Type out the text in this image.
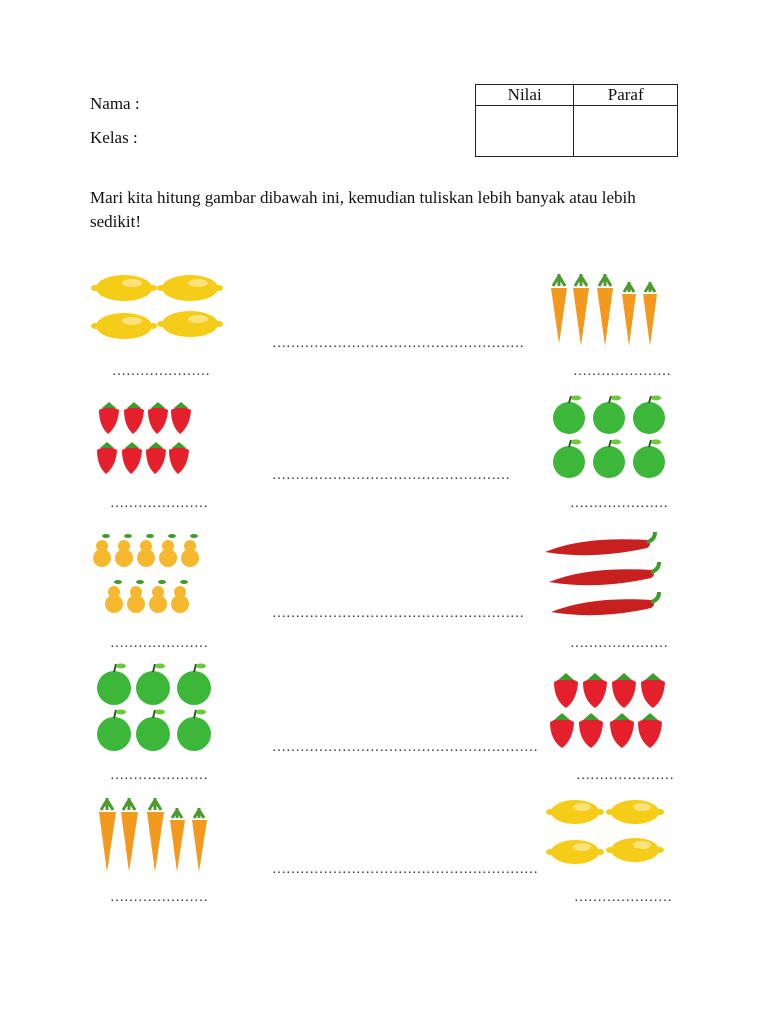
Nama :
Kelas :
Nilai	Paraf

Mari kita hitung gambar dibawah ini, kemudian tuliskan lebih banyak atau lebih sedikit!
…………………
………………………………………………
…………………
…………………
……………………………………………
…………………
…………………
………………………………………………
…………………
…………………
…………………………………………………
…………………
…………………
…………………………………………………
…………………
